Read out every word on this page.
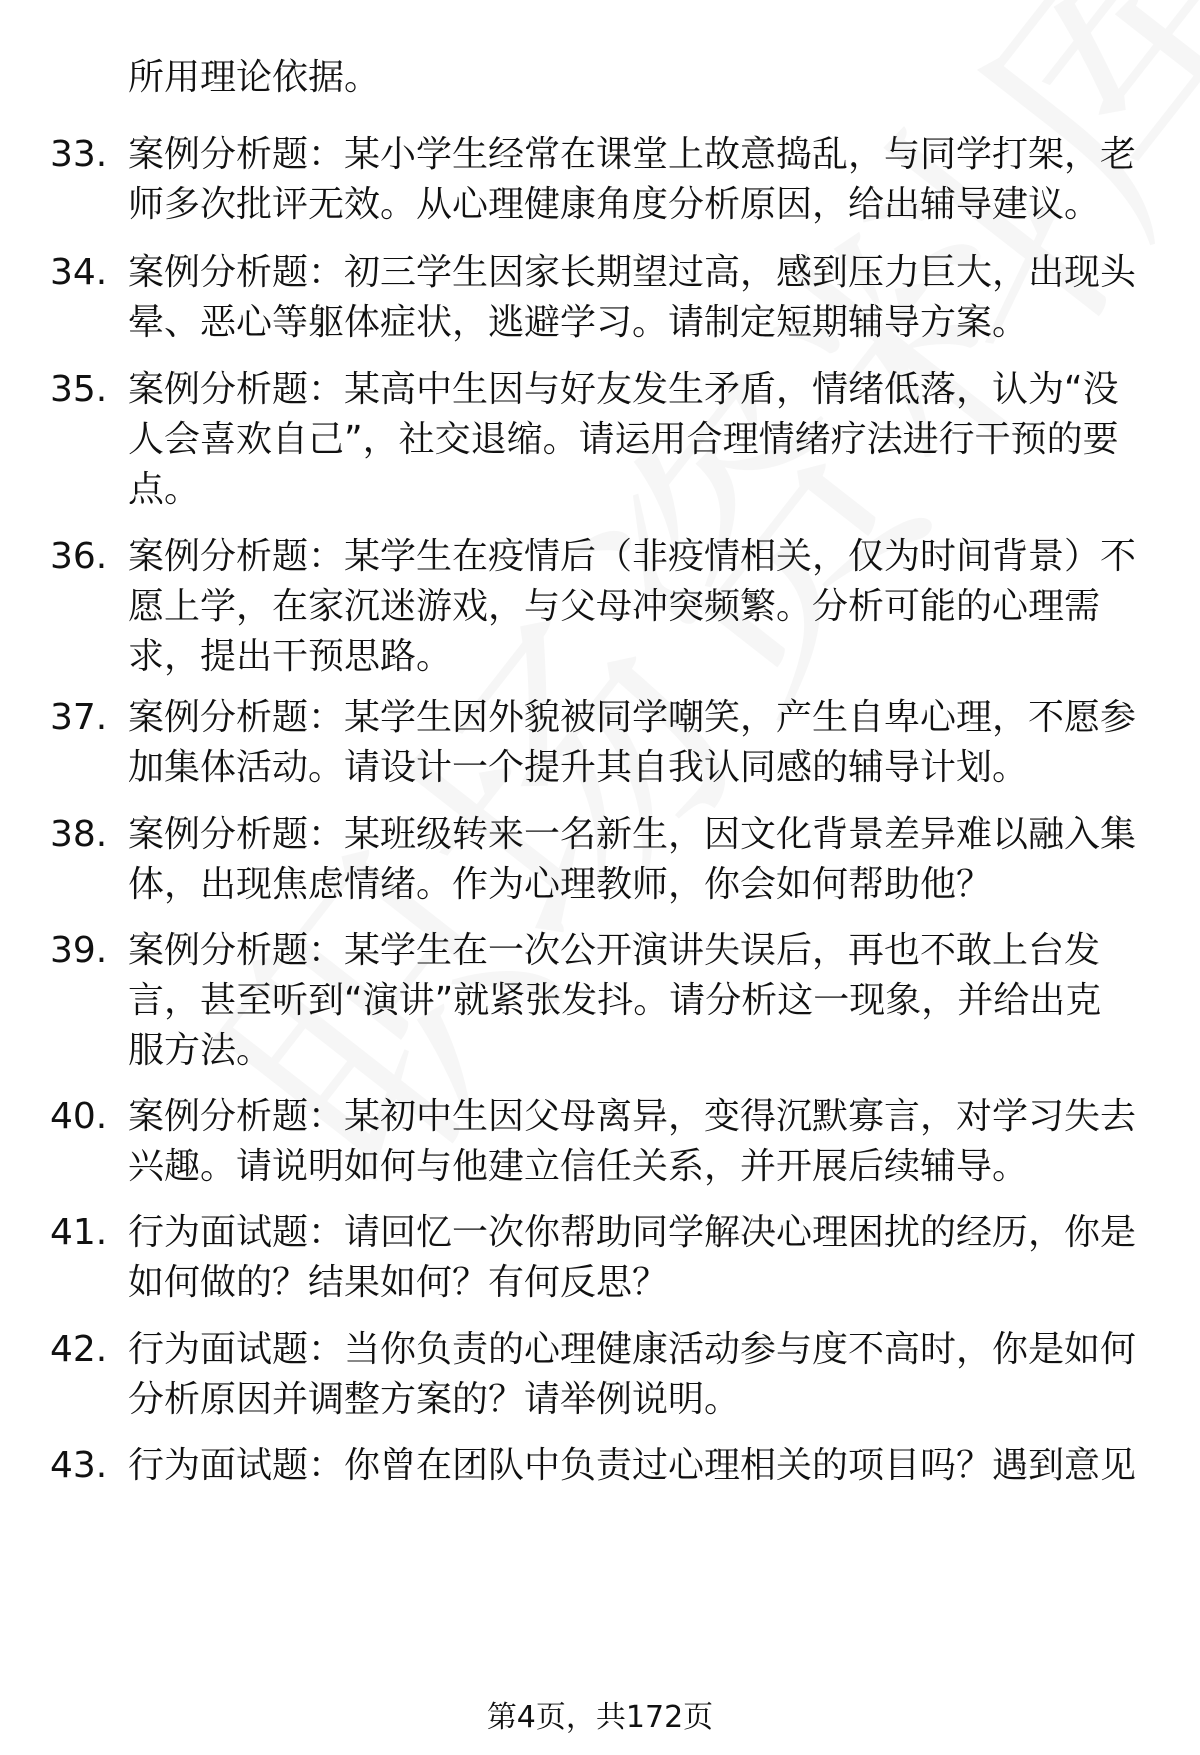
所用理论依据。
33. 案例分析题：某小学生经常在课堂上故意捣乱，与同学打架，老
师多次批评无效。从心理健康角度分析原因，给出辅导建议。
34. 案例分析题：初三学生因家长期望过高，感到压力巨大，出现头
晕、恶心等躯体症状，逃避学习。请制定短期辅导方案。
35. 案例分析题：某高中生因与好友发生矛盾，情绪低落，认为“没
人会喜欢自己”，社交退缩。请运用合理情绪疗法进行干预的要
点。
36. 案例分析题：某学生在疫情后（非疫情相关，仅为时间背景）不
愿上学，在家沉迷游戏，与父母冲突频繁。分析可能的心理需
求，提出干预思路。
37. 案例分析题：某学生因外貌被同学嘲笑，产生自卑心理，不愿参
加集体活动。请设计一个提升其自我认同感的辅导计划。
38. 案例分析题：某班级转来一名新生，因文化背景差异难以融入集
体，出现焦虑情绪。作为心理教师，你会如何帮助他？
39. 案例分析题：某学生在一次公开演讲失误后，再也不敢上台发
言，甚至听到“演讲”就紧张发抖。请分析这一现象，并给出克
服方法。
40. 案例分析题：某初中生因父母离异，变得沉默寡言，对学习失去
兴趣。请说明如何与他建立信任关系，并开展后续辅导。
41. 行为面试题：请回忆一次你帮助同学解决心理困扰的经历，你是
如何做的？结果如何？有何反思？
42. 行为面试题：当你负责的心理健康活动参与度不高时，你是如何
分析原因并调整方案的？请举例说明。
43. 行为面试题：你曾在团队中负责过心理相关的项目吗？遇到意见
第4页，共172页
